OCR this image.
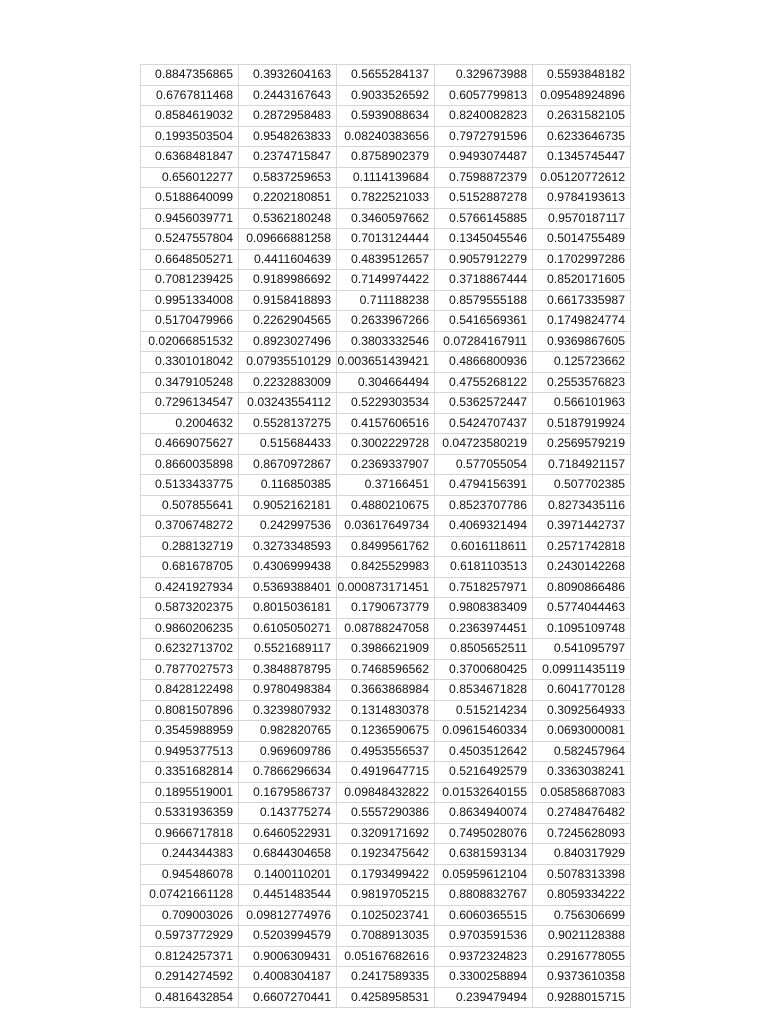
0.8847356865	0.3932604163	0.5655284137	0.329673988	0.5593848182
0.6767811468	0.2443167643	0.9033526592	0.6057799813	0.09548924896
0.8584619032	0.2872958483	0.5939088634	0.8240082823	0.2631582105
0.1993503504	0.9548263833	0.08240383656	0.7972791596	0.6233646735
0.6368481847	0.2374715847	0.8758902379	0.9493074487	0.1345745447
0.656012277	0.5837259653	0.1114139684	0.7598872379	0.05120772612
0.5188640099	0.2202180851	0.7822521033	0.5152887278	0.9784193613
0.9456039771	0.5362180248	0.3460597662	0.5766145885	0.9570187117
0.5247557804	0.09666881258	0.7013124444	0.1345045546	0.5014755489
0.6648505271	0.4411604639	0.4839512657	0.9057912279	0.1702997286
0.7081239425	0.9189986692	0.7149974422	0.3718867444	0.8520171605
0.9951334008	0.9158418893	0.711188238	0.8579555188	0.6617335987
0.5170479966	0.2262904565	0.2633967266	0.5416569361	0.1749824774
0.02066851532	0.8923027496	0.3803332546	0.07284167911	0.9369867605
0.3301018042	0.07935510129	0.003651439421	0.4866800936	0.125723662
0.3479105248	0.2232883009	0.304664494	0.4755268122	0.2553576823
0.7296134547	0.03243554112	0.5229303534	0.5362572447	0.566101963
0.2004632	0.5528137275	0.4157606516	0.5424707437	0.5187919924
0.4669075627	0.515684433	0.3002229728	0.04723580219	0.2569579219
0.8660035898	0.8670972867	0.2369337907	0.577055054	0.7184921157
0.5133433775	0.116850385	0.37166451	0.4794156391	0.507702385
0.507855641	0.9052162181	0.4880210675	0.8523707786	0.8273435116
0.3706748272	0.242997536	0.03617649734	0.4069321494	0.3971442737
0.288132719	0.3273348593	0.8499561762	0.6016118611	0.2571742818
0.681678705	0.4306999438	0.8425529983	0.6181103513	0.2430142268
0.4241927934	0.5369388401	0.000873171451	0.7518257971	0.8090866486
0.5873202375	0.8015036181	0.1790673779	0.9808383409	0.5774044463
0.9860206235	0.6105050271	0.08788247058	0.2363974451	0.1095109748
0.6232713702	0.5521689117	0.3986621909	0.8505652511	0.541095797
0.7877027573	0.3848878795	0.7468596562	0.3700680425	0.09911435119
0.8428122498	0.9780498384	0.3663868984	0.8534671828	0.6041770128
0.8081507896	0.3239807932	0.1314830378	0.515214234	0.3092564933
0.3545988959	0.982820765	0.1236590675	0.09615460334	0.0693000081
0.9495377513	0.969609786	0.4953556537	0.4503512642	0.582457964
0.3351682814	0.7866296634	0.4919647715	0.5216492579	0.3363038241
0.1895519001	0.1679586737	0.09848432822	0.01532640155	0.05858687083
0.5331936359	0.143775274	0.5557290386	0.8634940074	0.2748476482
0.9666717818	0.6460522931	0.3209171692	0.7495028076	0.7245628093
0.244344383	0.6844304658	0.1923475642	0.6381593134	0.840317929
0.945486078	0.1400110201	0.1793499422	0.05959612104	0.5078313398
0.07421661128	0.4451483544	0.9819705215	0.8808832767	0.8059334222
0.709003026	0.09812774976	0.1025023741	0.6060365515	0.756306699
0.5973772929	0.5203994579	0.7088913035	0.9703591536	0.9021128388
0.8124257371	0.9006309431	0.05167682616	0.9372324823	0.2916778055
0.2914274592	0.4008304187	0.2417589335	0.3300258894	0.9373610358
0.4816432854	0.6607270441	0.4258958531	0.239479494	0.9288015715
